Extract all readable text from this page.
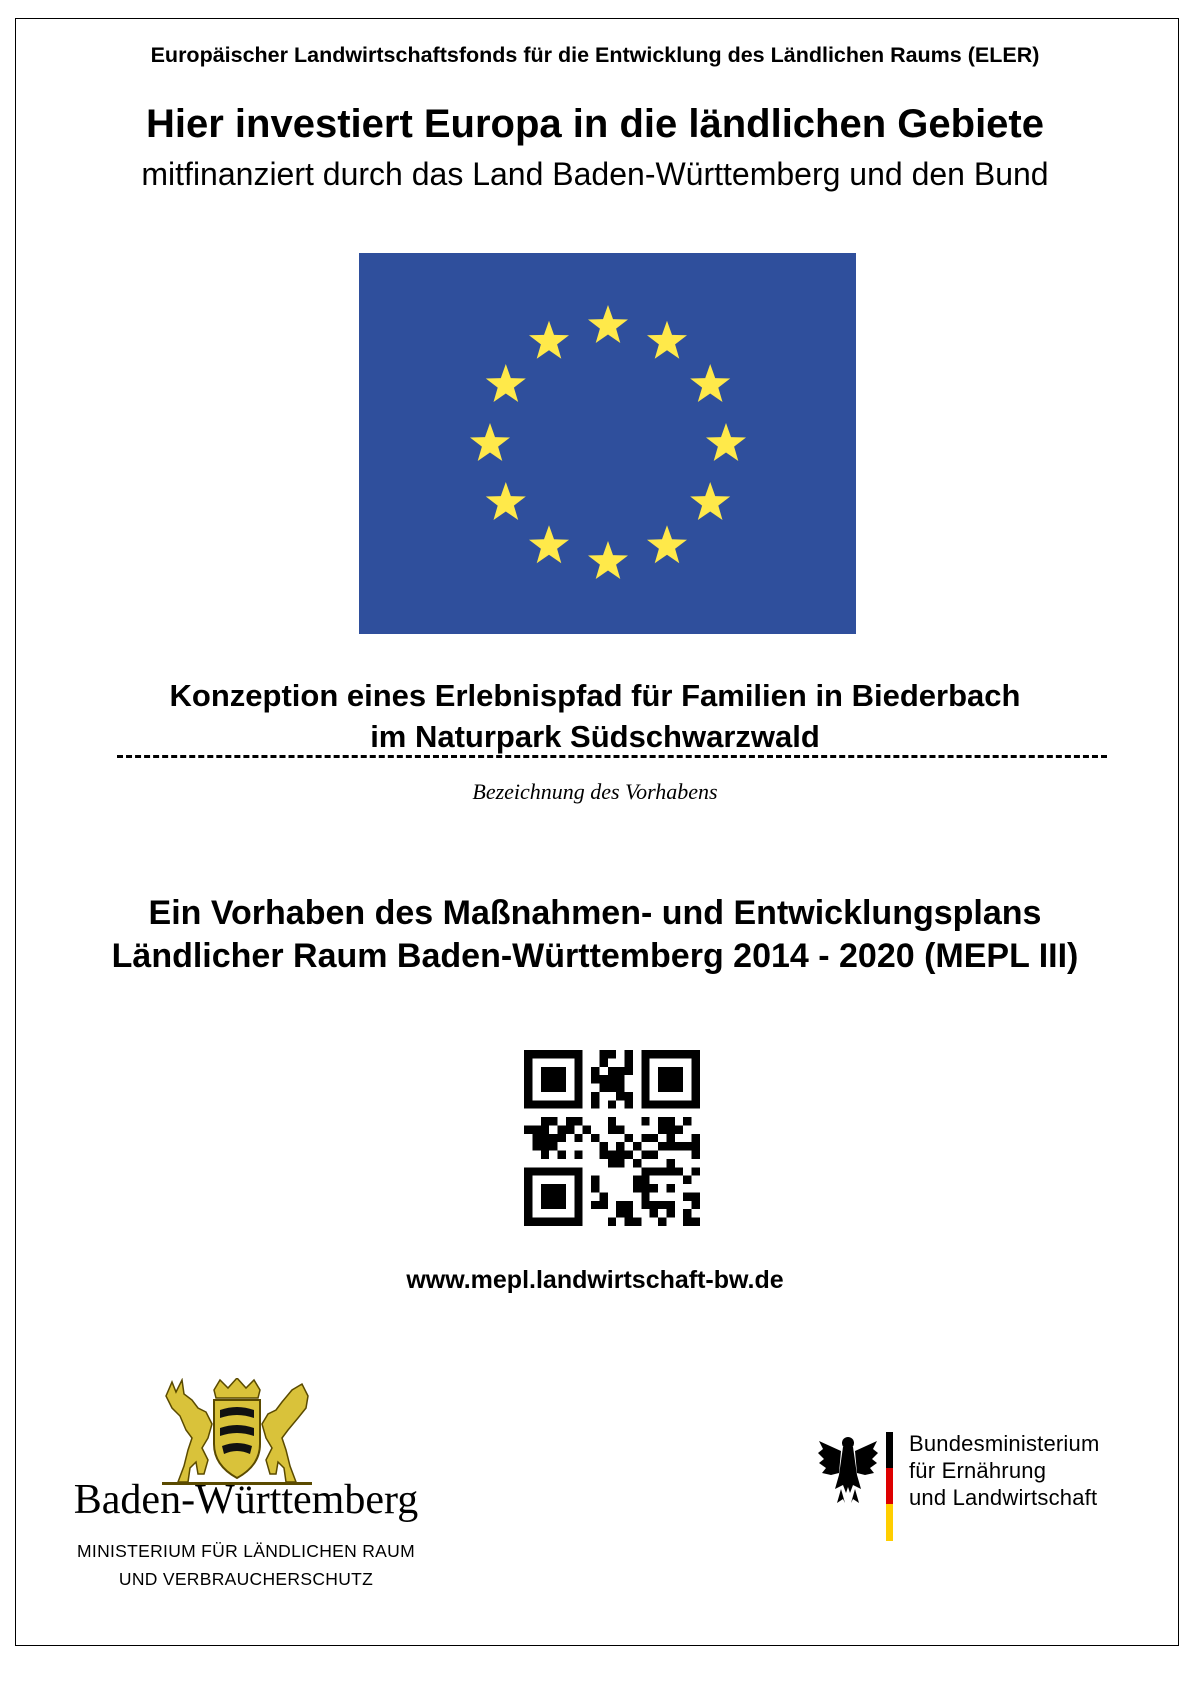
Europäischer Landwirtschaftsfonds für die Entwicklung des Ländlichen Raums (ELER)
Hier investiert Europa in die ländlichen Gebiete
mitfinanziert durch das Land Baden-Württemberg und den Bund
Konzeption eines Erlebnispfad für Familien in Biederbach
im Naturpark Südschwarzwald
Bezeichnung des Vorhabens
Ein Vorhaben des Maßnahmen- und Entwicklungsplans
Ländlicher Raum Baden-Württemberg 2014 - 2020 (MEPL III)
www.mepl.landwirtschaft-bw.de
Baden-Württemberg
MINISTERIUM FÜR LÄNDLICHEN RAUM
UND VERBRAUCHERSCHUTZ
Bundesministerium
für Ernährung
und Landwirtschaft
